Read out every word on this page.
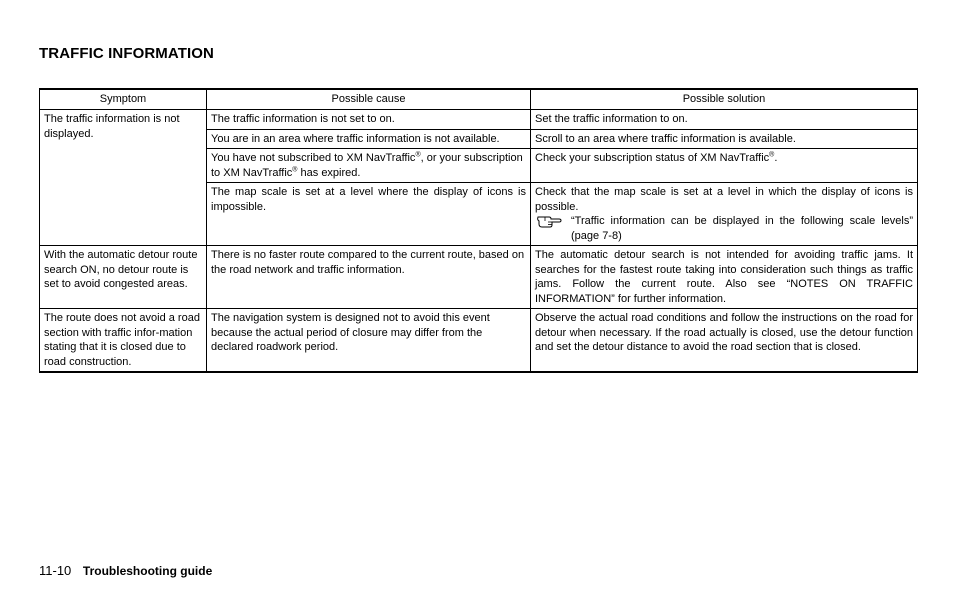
TRAFFIC INFORMATION
Symptom	Possible cause	Possible solution
The traffic information is not displayed.	The traffic information is not set to on.	Set the traffic information to on.
	You are in an area where traffic information is not available.	Scroll to an area where traffic information is available.
	You have not subscribed to XM NavTraffic®, or your subscription to XM NavTraffic® has expired.	Check your subscription status of XM NavTraffic®.
	The map scale is set at a level where the display of icons is impossible.	Check that the map scale is set at a level in which the display of icons is possible.
“Traffic information can be displayed in the following scale levels” (page 7-8)

With the automatic detour route search ON, no detour route is set to avoid congested areas.	There is no faster route compared to the current route, based on the road network and traffic information.	The automatic detour search is not intended for avoiding traffic jams. It searches for the fastest route taking into consideration such things as traffic jams. Follow the current route. Also see “NOTES ON TRAFFIC INFORMATION” for further information.
The route does not avoid a road section with traffic infor-mation stating that it is closed due to road construction.	The navigation system is designed not to avoid this event because the actual period of closure may differ from the declared roadwork period.	Observe the actual road conditions and follow the instructions on the road for detour when necessary. If the road actually is closed, use the detour function and set the detour distance to avoid the road section that is closed.
11-10 Troubleshooting guide
